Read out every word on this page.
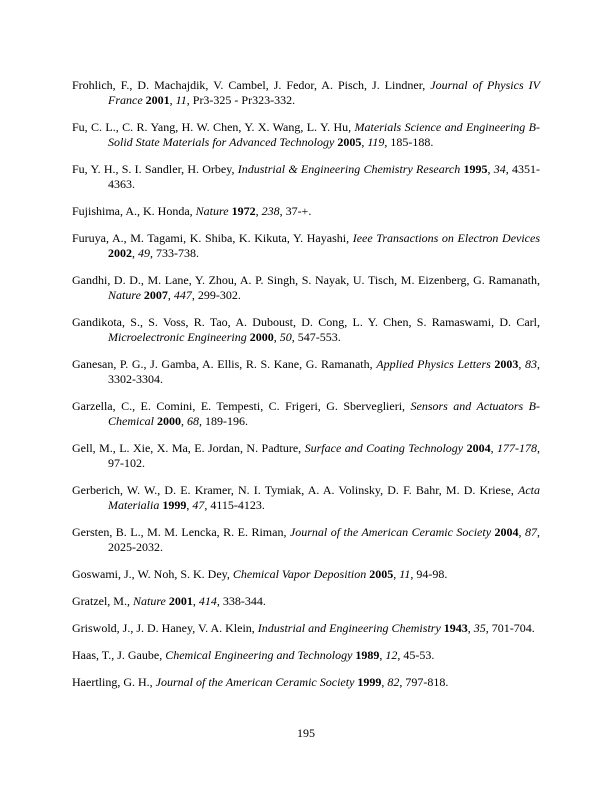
Frohlich, F., D. Machajdik, V. Cambel, J. Fedor, A. Pisch, J. Lindner, Journal of Physics IV France 2001, 11, Pr3-325 - Pr323-332.

Fu, C. L., C. R. Yang, H. W. Chen, Y. X. Wang, L. Y. Hu, Materials Science and Engineering B-Solid State Materials for Advanced Technology 2005, 119, 185-188.

Fu, Y. H., S. I. Sandler, H. Orbey, Industrial & Engineering Chemistry Research 1995, 34, 4351-4363.

Fujishima, A., K. Honda, Nature 1972, 238, 37-+.

Furuya, A., M. Tagami, K. Shiba, K. Kikuta, Y. Hayashi, Ieee Transactions on Electron Devices 2002, 49, 733-738.

Gandhi, D. D., M. Lane, Y. Zhou, A. P. Singh, S. Nayak, U. Tisch, M. Eizenberg, G. Ramanath, Nature 2007, 447, 299-302.

Gandikota, S., S. Voss, R. Tao, A. Duboust, D. Cong, L. Y. Chen, S. Ramaswami, D. Carl, Microelectronic Engineering 2000, 50, 547-553.

Ganesan, P. G., J. Gamba, A. Ellis, R. S. Kane, G. Ramanath, Applied Physics Letters 2003, 83, 3302-3304.

Garzella, C., E. Comini, E. Tempesti, C. Frigeri, G. Sberveglieri, Sensors and Actuators B-Chemical 2000, 68, 189-196.

Gell, M., L. Xie, X. Ma, E. Jordan, N. Padture, Surface and Coating Technology 2004, 177-178, 97-102.

Gerberich, W. W., D. E. Kramer, N. I. Tymiak, A. A. Volinsky, D. F. Bahr, M. D. Kriese, Acta Materialia 1999, 47, 4115-4123.

Gersten, B. L., M. M. Lencka, R. E. Riman, Journal of the American Ceramic Society 2004, 87, 2025-2032.

Goswami, J., W. Noh, S. K. Dey, Chemical Vapor Deposition 2005, 11, 94-98.

Gratzel, M., Nature 2001, 414, 338-344.

Griswold, J., J. D. Haney, V. A. Klein, Industrial and Engineering Chemistry 1943, 35, 701-704.

Haas, T., J. Gaube, Chemical Engineering and Technology 1989, 12, 45-53.

Haertling, G. H., Journal of the American Ceramic Society 1999, 82, 797-818.

195
